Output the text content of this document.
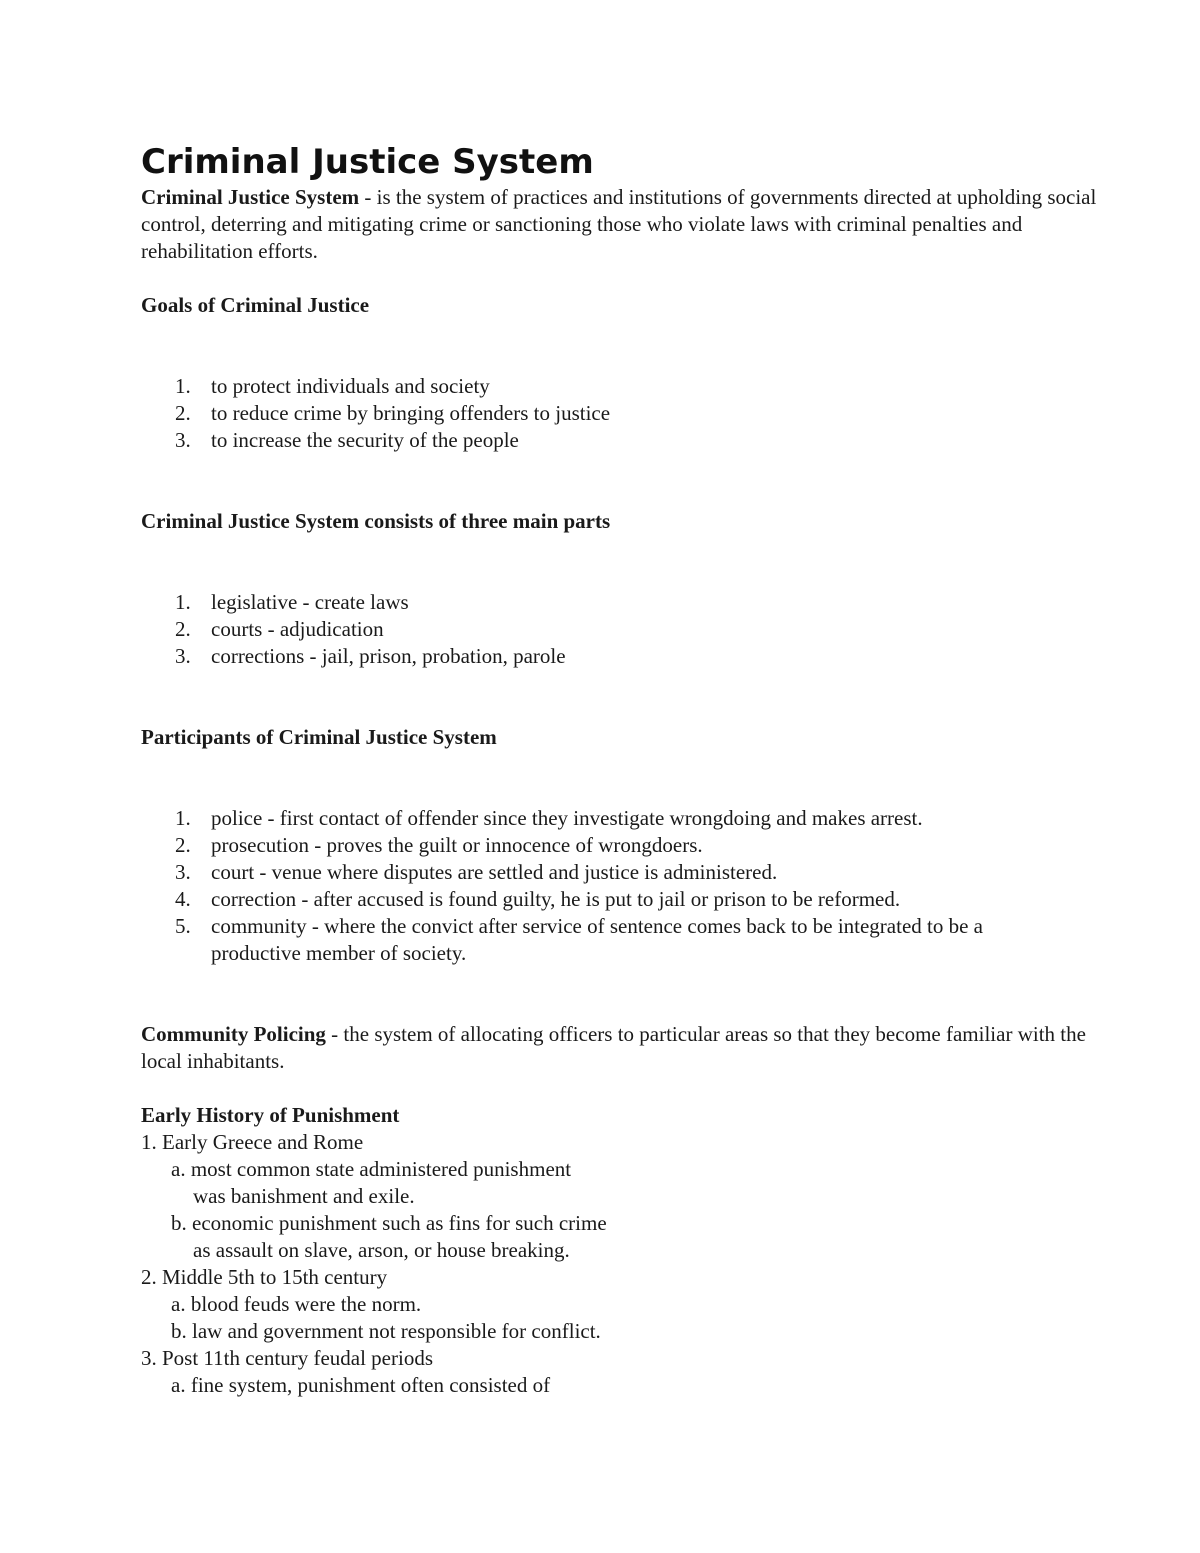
Criminal Justice System

Criminal Justice System - is the system of practices and institutions of governments directed at upholding social
control, deterring and mitigating crime or sanctioning those who violate laws with criminal penalties and
rehabilitation efforts.

Goals of Criminal Justice

1. to protect individuals and society
2. to reduce crime by bringing offenders to justice
3. to increase the security of the people

Criminal Justice System consists of three main parts

1. legislative - create laws
2. courts - adjudication
3. corrections - jail, prison, probation, parole

Participants of Criminal Justice System

1. police - first contact of offender since they investigate wrongdoing and makes arrest.
2. prosecution - proves the guilt or innocence of wrongdoers.
3. court - venue where disputes are settled and justice is administered.
4. correction - after accused is found guilty, he is put to jail or prison to be reformed.
5. community - where the convict after service of sentence comes back to be integrated to be a
productive member of society.

Community Policing - the system of allocating officers to particular areas so that they become familiar with the
local inhabitants.

Early History of Punishment

1. Early Greece and Rome
a. most common state administered punishment
was banishment and exile.
b. economic punishment such as fins for such crime
as assault on slave, arson, or house breaking.
2. Middle 5th to 15th century
a. blood feuds were the norm.
b. law and government not responsible for conflict.
3. Post 11th century feudal periods
a. fine system, punishment often consisted of
